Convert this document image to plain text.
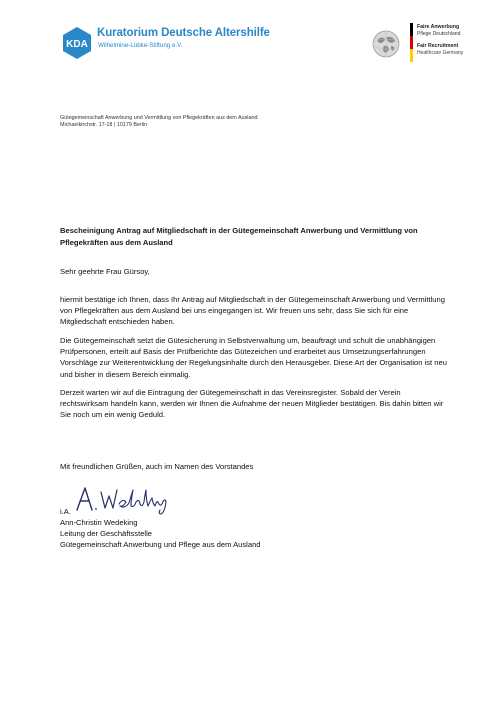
KDA
Kuratorium Deutsche Altershilfe
Wilhelmine-Lübke-Stiftung e.V.
Faire Anwerbung
Pflege Deutschland
Fair Recruitment
Healthcare Germany
Gütegemeinschaft Anwerbung und Vermittlung von Pflegekräften aus dem Ausland
Michaelkirchstr. 17-18 | 10179 Berlin
Bescheinigung Antrag auf Mitgliedschaft in der Gütegemeinschaft Anwerbung und Vermittlung von Pflegekräften aus dem Ausland
Sehr geehrte Frau Gürsoy,
hiermit bestätige ich Ihnen, dass Ihr Antrag auf Mitgliedschaft in der Gütegemeinschaft Anwerbung und Vermittlung von Pflegekräften aus dem Ausland bei uns eingegangen ist. Wir freuen uns sehr, dass Sie sich für eine Mitgliedschaft entschieden haben.
Die Gütegemeinschaft setzt die Gütesicherung in Selbstverwaltung um, beauftragt und schult die unabhängigen Prüfpersonen, erteilt auf Basis der Prüfberichte das Gütezeichen und erarbeitet aus Umsetzungserfahrungen Vorschläge zur Weiterentwicklung der Regelungsinhalte durch den Herausgeber. Diese Art der Organisation ist neu und bisher in diesem Bereich einmalig.
Derzeit warten wir auf die Eintragung der Gütegemeinschaft in das Vereinsregister. Sobald der Verein rechtswirksam handeln kann, werden wir Ihnen die Aufnahme der neuen Mitglieder bestätigen. Bis dahin bitten wir Sie noch um ein wenig Geduld.
Mit freundlichen Grüßen, auch im Namen des Vorstandes
i.A.
Ann-Christin Wedeking
Leitung der Geschäftsstelle
Gütegemeinschaft Anwerbung und Pflege aus dem Ausland
